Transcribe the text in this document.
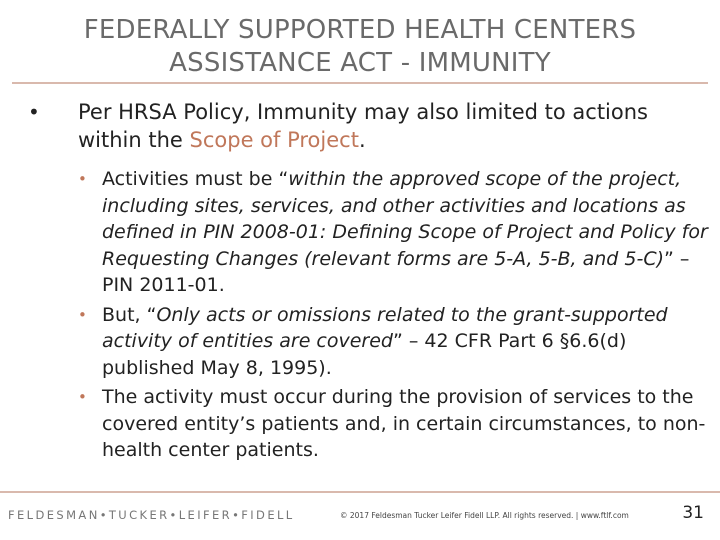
FEDERALLY SUPPORTED HEALTH CENTERS
ASSISTANCE ACT - IMMUNITY
• Per HRSA Policy, Immunity may also limited to actions within the Scope of Project.
• Activities must be “within the approved scope of the project, including sites, services, and other activities and locations as defined in PIN 2008-01: Defining Scope of Project and Policy for Requesting Changes (relevant forms are 5-A, 5-B, and 5-C)” – PIN 2011-01.
• But, “Only acts or omissions related to the grant-supported activity of entities are covered” – 42 CFR Part 6 §6.6(d) published May 8, 1995).
• The activity must occur during the provision of services to the covered entity’s patients and, in certain circumstances, to non-health center patients.
FELDESMAN•TUCKER•LEIFER•FIDELL	© 2017 Feldesman Tucker Leifer Fidell LLP. All rights reserved. | www.ftlf.com	31
